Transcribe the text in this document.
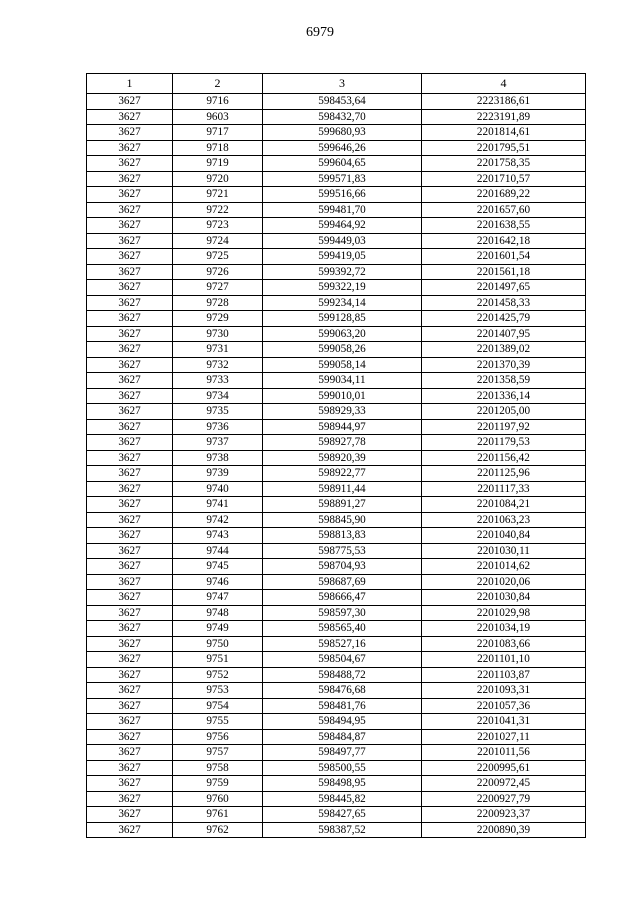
6979
1	2	3	4
3627	9716	598453,64	2223186,61
3627	9603	598432,70	2223191,89
3627	9717	599680,93	2201814,61
3627	9718	599646,26	2201795,51
3627	9719	599604,65	2201758,35
3627	9720	599571,83	2201710,57
3627	9721	599516,66	2201689,22
3627	9722	599481,70	2201657,60
3627	9723	599464,92	2201638,55
3627	9724	599449,03	2201642,18
3627	9725	599419,05	2201601,54
3627	9726	599392,72	2201561,18
3627	9727	599322,19	2201497,65
3627	9728	599234,14	2201458,33
3627	9729	599128,85	2201425,79
3627	9730	599063,20	2201407,95
3627	9731	599058,26	2201389,02
3627	9732	599058,14	2201370,39
3627	9733	599034,11	2201358,59
3627	9734	599010,01	2201336,14
3627	9735	598929,33	2201205,00
3627	9736	598944,97	2201197,92
3627	9737	598927,78	2201179,53
3627	9738	598920,39	2201156,42
3627	9739	598922,77	2201125,96
3627	9740	598911,44	2201117,33
3627	9741	598891,27	2201084,21
3627	9742	598845,90	2201063,23
3627	9743	598813,83	2201040,84
3627	9744	598775,53	2201030,11
3627	9745	598704,93	2201014,62
3627	9746	598687,69	2201020,06
3627	9747	598666,47	2201030,84
3627	9748	598597,30	2201029,98
3627	9749	598565,40	2201034,19
3627	9750	598527,16	2201083,66
3627	9751	598504,67	2201101,10
3627	9752	598488,72	2201103,87
3627	9753	598476,68	2201093,31
3627	9754	598481,76	2201057,36
3627	9755	598494,95	2201041,31
3627	9756	598484,87	2201027,11
3627	9757	598497,77	2201011,56
3627	9758	598500,55	2200995,61
3627	9759	598498,95	2200972,45
3627	9760	598445,82	2200927,79
3627	9761	598427,65	2200923,37
3627	9762	598387,52	2200890,39
